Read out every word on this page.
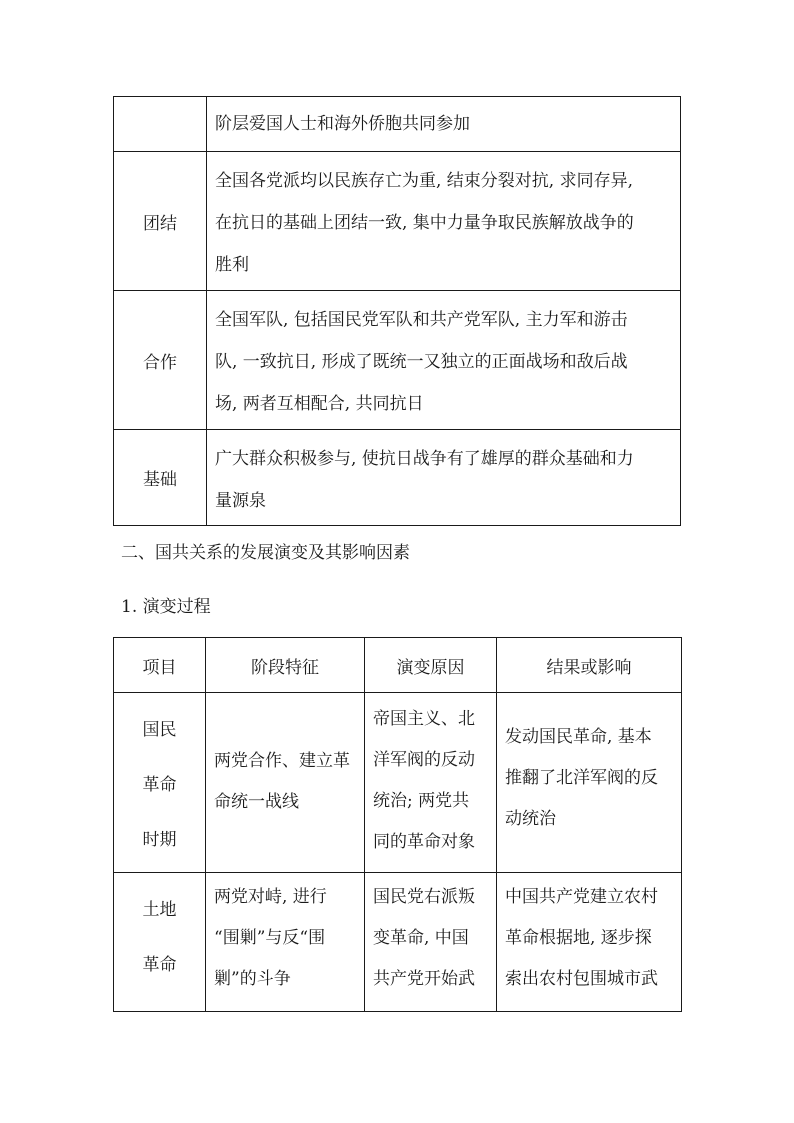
	阶层爱国人士和海外侨胞共同参加
团结	全国各党派均以民族存亡为重, 结束分裂对抗, 求同存异,
在抗日的基础上团结一致, 集中力量争取民族解放战争的
胜利

合作	全国军队, 包括国民党军队和共产党军队, 主力军和游击
队, 一致抗日, 形成了既统一又独立的正面战场和敌后战
场, 两者互相配合, 共同抗日

基础	广大群众积极参与, 使抗日战争有了雄厚的群众基础和力
量源泉
二、国共关系的发展演变及其影响因素
1. 演变过程
项目	阶段特征	演变原因	结果或影响

国民
革命
时期	两党合作、建立革
命统一战线	帝国主义、北
洋军阀的反动
统治; 两党共
同的革命对象	发动国民革命, 基本
推翻了北洋军阀的反
动统治

土地
革命	两党对峙, 进行
“围剿”与反“围
剿”的斗争	国民党右派叛
变革命, 中国
共产党开始武	中国共产党建立农村
革命根据地, 逐步探
索出农村包围城市武
